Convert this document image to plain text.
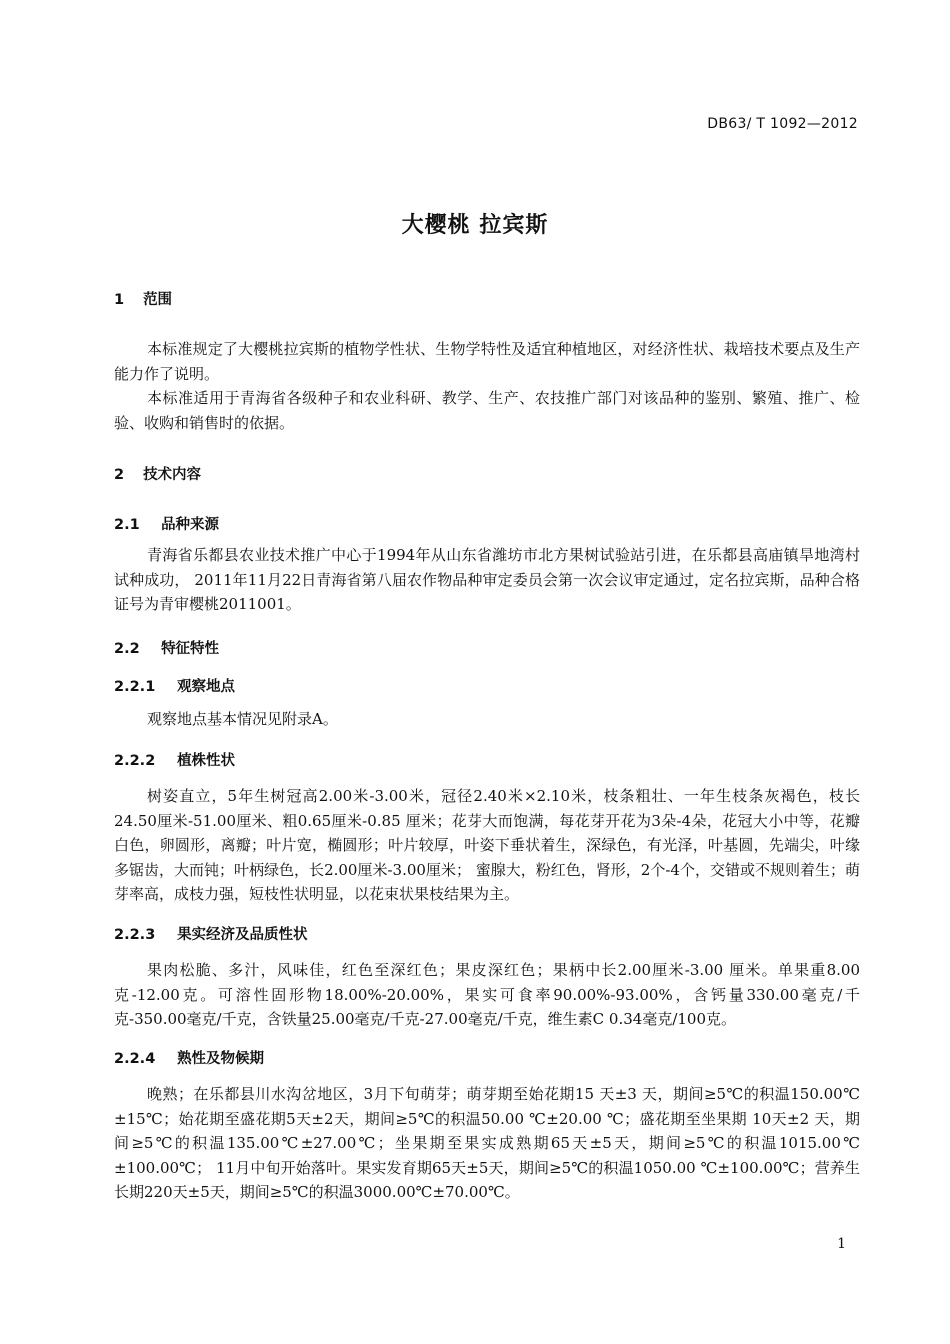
DB63/ T 1092—2012
大樱桃 拉宾斯
1 范围

本标准规定了大樱桃拉宾斯的植物学性状、生物学特性及适宜种植地区，对经济性状、栽培技术要点及生产能力作了说明。

本标准适用于青海省各级种子和农业科研、教学、生产、农技推广部门对该品种的鉴别、繁殖、推广、检验、收购和销售时的依据。

2 技术内容
2.1 品种来源

青海省乐都县农业技术推广中心于1994年从山东省潍坊市北方果树试验站引进，在乐都县高庙镇旱地湾村试种成功， 2011年11月22日青海省第八届农作物品种审定委员会第一次会议审定通过，定名拉宾斯，品种合格证号为青审樱桃2011001。

2.2 特征特性
2.2.1 观察地点

观察地点基本情况见附录A。

2.2.2 植株性状

树姿直立，5年生树冠高2.00米-3.00米，冠径2.40米×2.10米，枝条粗壮、一年生枝条灰褐色，枝长24.50厘米-51.00厘米、粗0.65厘米-0.85 厘米；花芽大而饱满，每花芽开花为3朵-4朵，花冠大小中等，花瓣白色，卵圆形，离瓣；叶片宽，椭圆形；叶片较厚，叶姿下垂状着生，深绿色，有光泽，叶基圆，先端尖，叶缘多锯齿，大而钝；叶柄绿色，长2.00厘米-3.00厘米； 蜜腺大，粉红色，肾形，2个-4个，交错或不规则着生；萌芽率高，成枝力强，短枝性状明显，以花束状果枝结果为主。

2.2.3 果实经济及品质性状

果肉松脆、多汁，风味佳，红色至深红色；果皮深红色；果柄中长2.00厘米-3.00 厘米。单果重8.00克-12.00克。可溶性固形物18.00%-20.00%，果实可食率90.00%-93.00%，含钙量330.00毫克/千克-350.00毫克/千克，含铁量25.00毫克/千克-27.00毫克/千克，维生素C 0.34毫克/100克。

2.2.4 熟性及物候期

晚熟；在乐都县川水沟岔地区，3月下旬萌芽；萌芽期至始花期15 天±3 天，期间≥5℃的积温150.00℃±15℃；始花期至盛花期5天±2天，期间≥5℃的积温50.00 ℃±20.00 ℃；盛花期至坐果期 10天±2 天，期间≥5℃的积温135.00℃±27.00℃；坐果期至果实成熟期65天±5天，期间≥5℃的积温1015.00℃±100.00℃； 11月中旬开始落叶。果实发育期65天±5天，期间≥5℃的积温1050.00 ℃±100.00℃；营养生长期220天±5天，期间≥5℃的积温3000.00℃±70.00℃。

1
